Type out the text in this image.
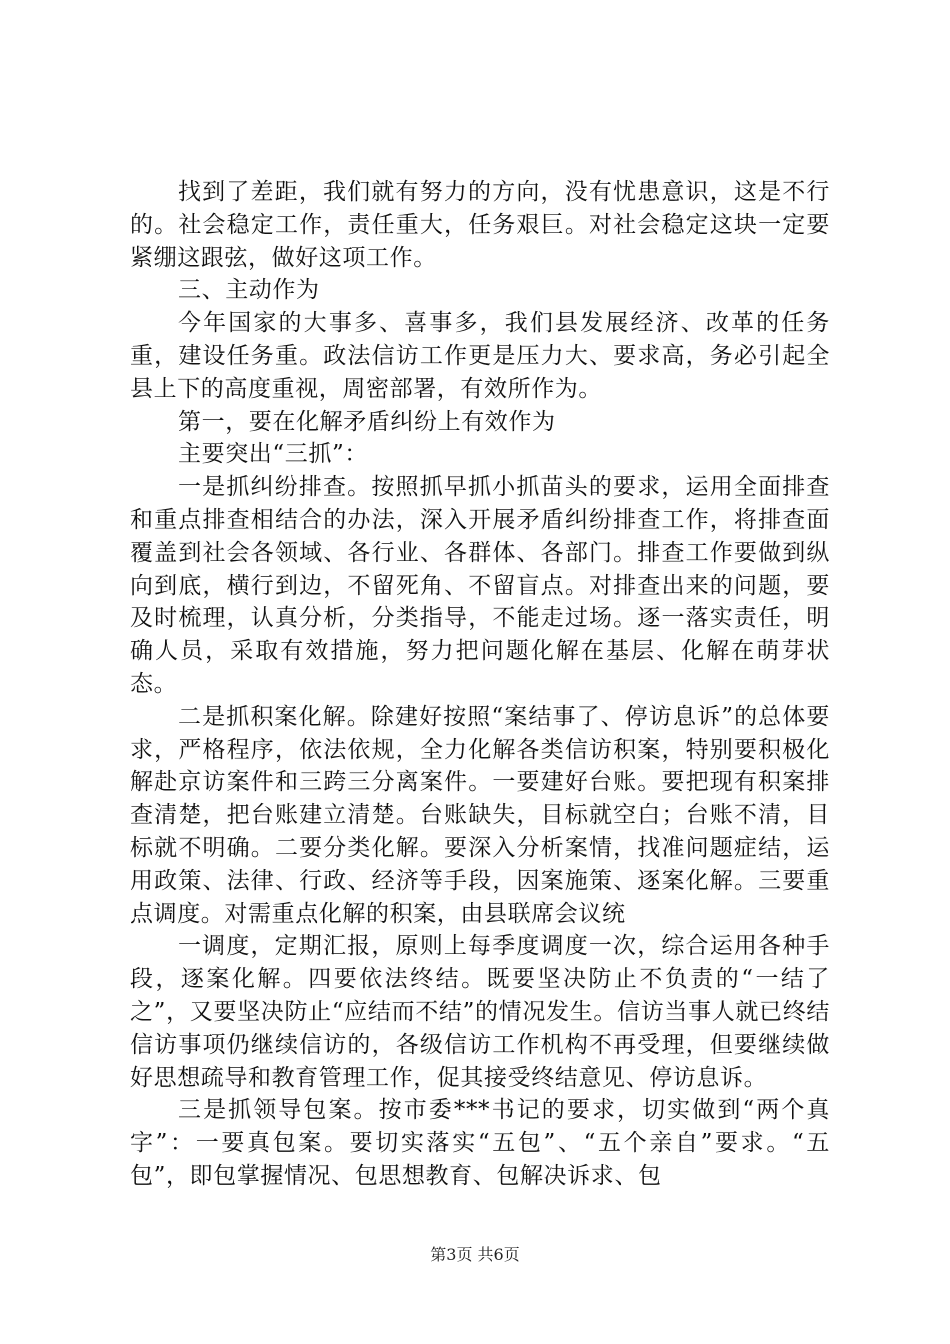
找到了差距，我们就有努力的方向，没有忧患意识，这是不行的。社会稳定工作，责任重大，任务艰巨。对社会稳定这块一定要紧绷这跟弦，做好这项工作。

三、主动作为

今年国家的大事多、喜事多，我们县发展经济、改革的任务重，建设任务重。政法信访工作更是压力大、要求高，务必引起全县上下的高度重视，周密部署，有效所作为。

第一，要在化解矛盾纠纷上有效作为

主要突出“三抓”：

一是抓纠纷排查。按照抓早抓小抓苗头的要求，运用全面排查和重点排查相结合的办法，深入开展矛盾纠纷排查工作，将排查面覆盖到社会各领域、各行业、各群体、各部门。排查工作要做到纵向到底，横行到边，不留死角、不留盲点。对排查出来的问题，要及时梳理，认真分析，分类指导，不能走过场。逐一落实责任，明确人员，采取有效措施，努力把问题化解在基层、化解在萌芽状态。

二是抓积案化解。除建好按照“案结事了、停访息诉”的总体要求，严格程序，依法依规，全力化解各类信访积案，特别要积极化解赴京访案件和三跨三分离案件。一要建好台账。要把现有积案排查清楚，把台账建立清楚。台账缺失，目标就空白；台账不清，目标就不明确。二要分类化解。要深入分析案情，找准问题症结，运用政策、法律、行政、经济等手段，因案施策、逐案化解。三要重点调度。对需重点化解的积案，由县联席会议统

一调度，定期汇报，原则上每季度调度一次，综合运用各种手段，逐案化解。四要依法终结。既要坚决防止不负责的“一结了之”，又要坚决防止“应结而不结”的情况发生。信访当事人就已终结信访事项仍继续信访的，各级信访工作机构不再受理，但要继续做好思想疏导和教育管理工作，促其接受终结意见、停访息诉。

三是抓领导包案。按市委***书记的要求，切实做到“两个真字”：一要真包案。要切实落实“五包”、“五个亲自”要求。“五包”，即包掌握情况、包思想教育、包解决诉求、包

第3页 共6页
